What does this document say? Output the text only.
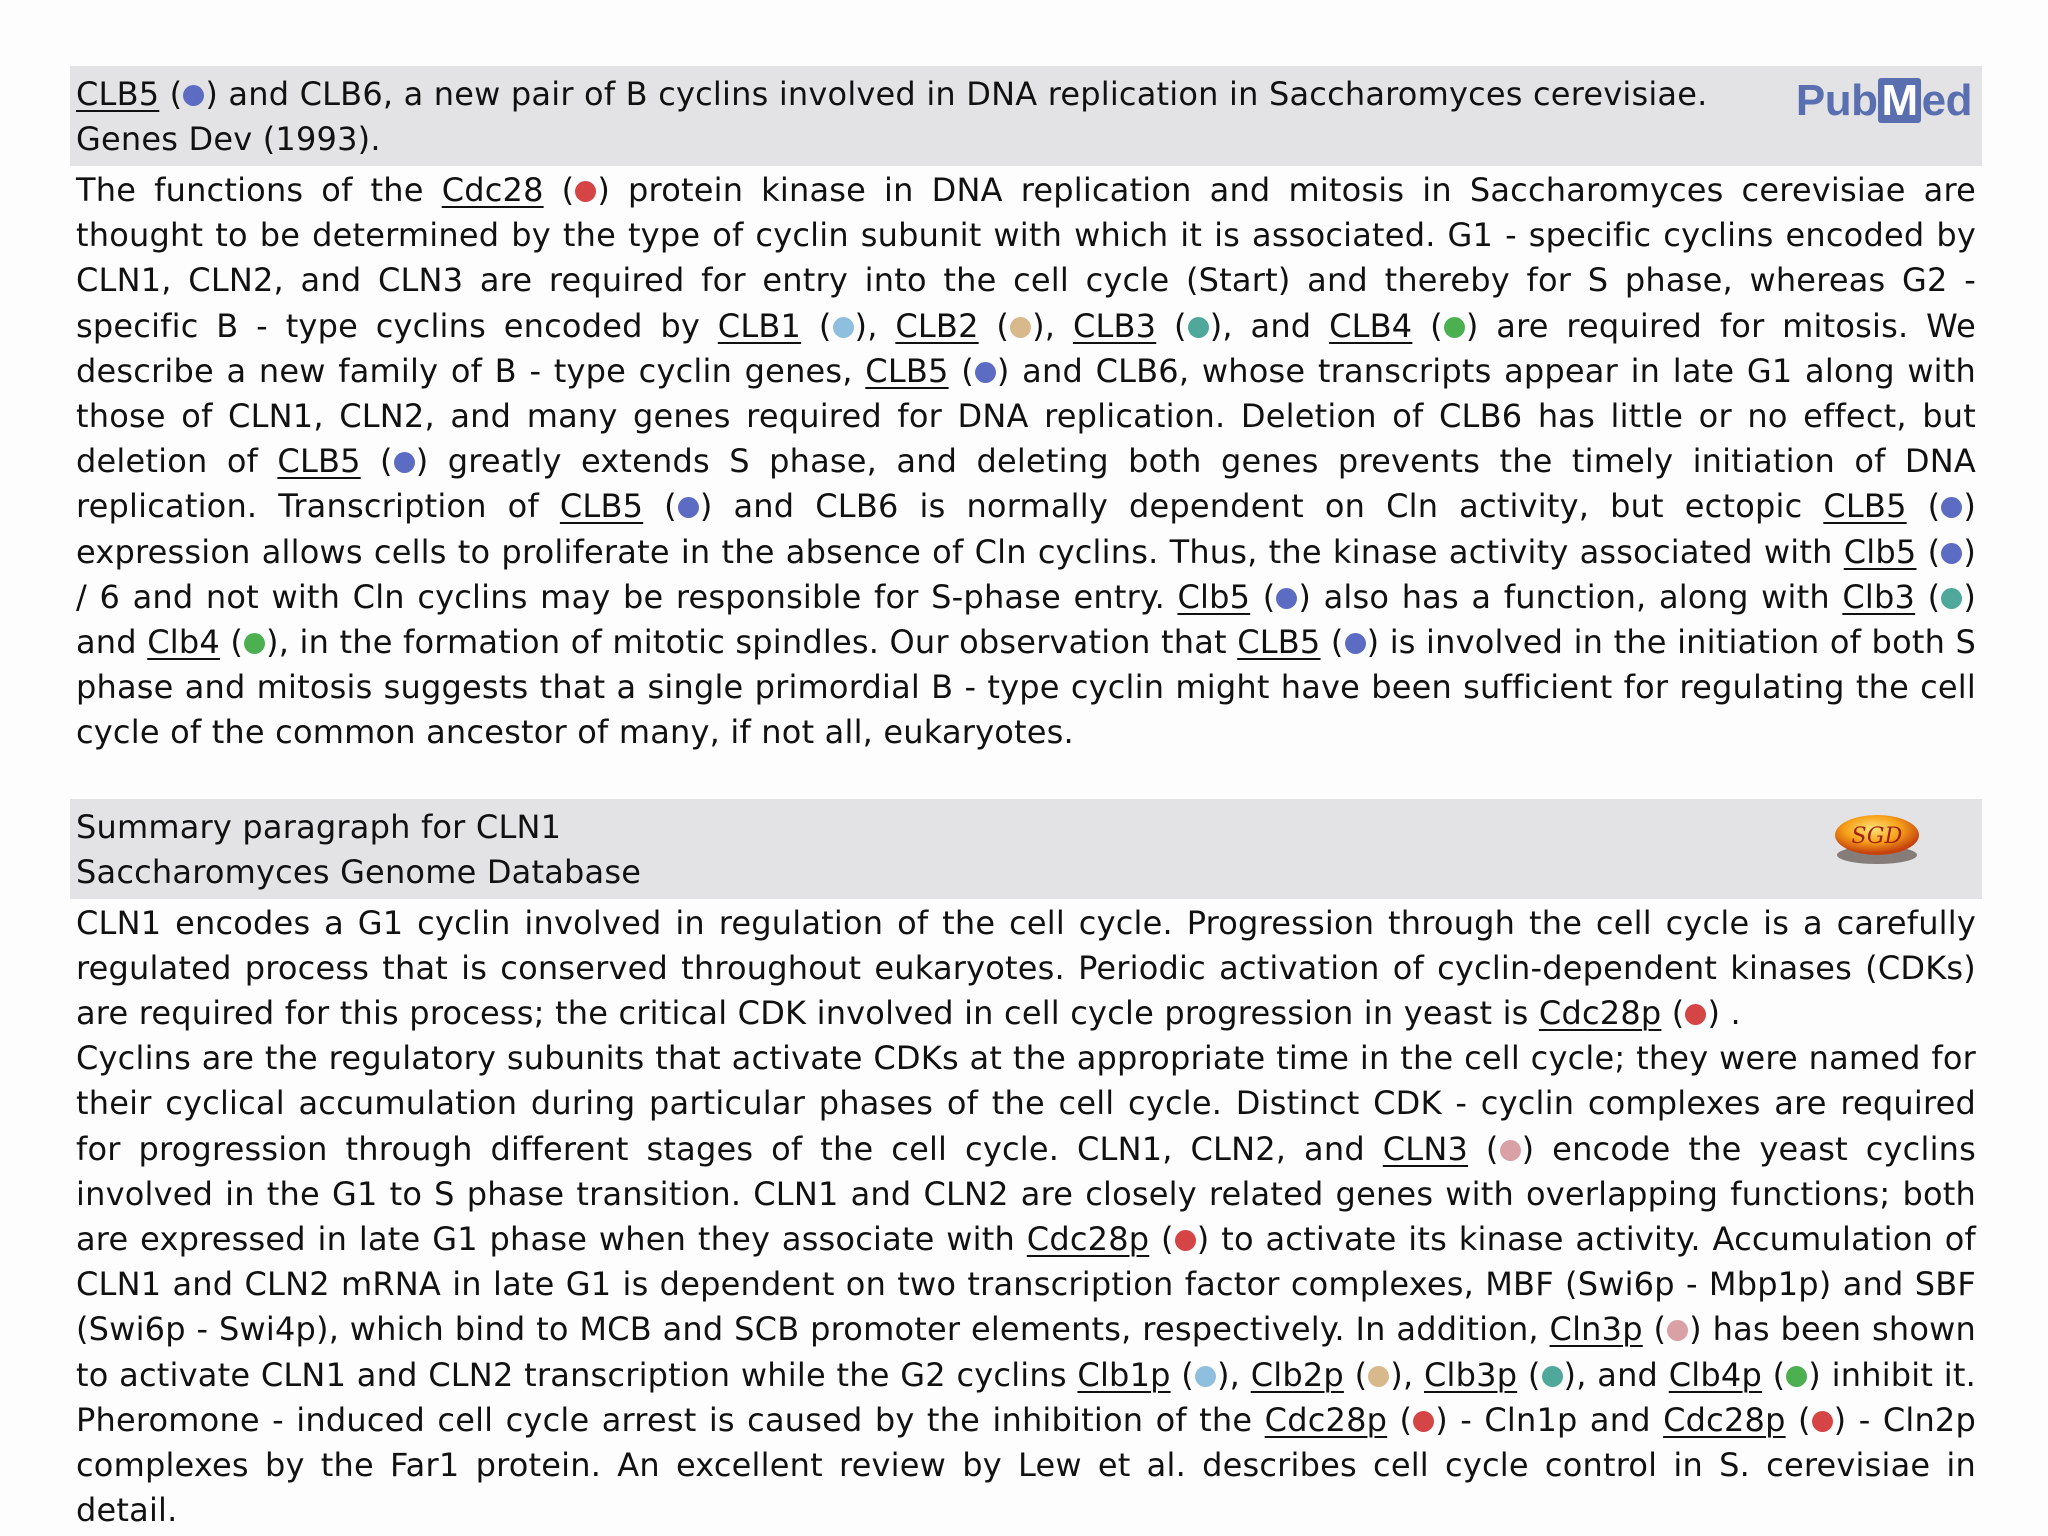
CLB5 ( ) and CLB6, a new pair of B cyclins involved in DNA replication in Saccharomyces cerevisiae.
Genes Dev (1993).
PubMed

The functions of the Cdc28 ( ) protein kinase in DNA replication and mitosis in Saccharomyces cerevisiae are thought to be determined by the type of cyclin subunit with which it is associated. G1 - specific cyclins encoded by CLN1, CLN2, and CLN3 are required for entry into the cell cycle (Start) and thereby for S phase, whereas G2 - specific B - type cyclins encoded by CLB1 ( ), CLB2 ( ), CLB3 ( ), and CLB4 ( ) are required for mitosis. We describe a new family of B - type cyclin genes, CLB5 ( ) and CLB6, whose transcripts appear in late G1 along with those of CLN1, CLN2, and many genes required for DNA replication. Deletion of CLB6 has little or no effect, but deletion of CLB5 ( ) greatly extends S phase, and deleting both genes prevents the timely initiation of DNA replication. Transcription of CLB5 ( ) and CLB6 is normally dependent on Cln activity, but ectopic CLB5 ( ) expression allows cells to proliferate in the absence of Cln cyclins. Thus, the kinase activity associated with Clb5 ( ) / 6 and not with Cln cyclins may be responsible for S-phase entry. Clb5 ( ) also has a function, along with Clb3 ( ) and Clb4 ( ), in the formation of mitotic spindles. Our observation that CLB5 ( ) is involved in the initiation of both S phase and mitosis suggests that a single primordial B - type cyclin might have been sufficient for regulating the cell cycle of the common ancestor of many, if not all, eukaryotes.

Summary paragraph for CLN1
Saccharomyces Genome Database
SGD

CLN1 encodes a G1 cyclin involved in regulation of the cell cycle. Progression through the cell cycle is a carefully regulated process that is conserved throughout eukaryotes. Periodic activation of cyclin-dependent kinases (CDKs) are required for this process; the critical CDK involved in cell cycle progression in yeast is Cdc28p ( ) .

Cyclins are the regulatory subunits that activate CDKs at the appropriate time in the cell cycle; they were named for their cyclical accumulation during particular phases of the cell cycle. Distinct CDK - cyclin complexes are required for progression through different stages of the cell cycle. CLN1, CLN2, and CLN3 ( ) encode the yeast cyclins involved in the G1 to S phase transition. CLN1 and CLN2 are closely related genes with overlapping functions; both are expressed in late G1 phase when they associate with Cdc28p ( ) to activate its kinase activity. Accumulation of CLN1 and CLN2 mRNA in late G1 is dependent on two transcription factor complexes, MBF (Swi6p - Mbp1p) and SBF (Swi6p - Swi4p), which bind to MCB and SCB promoter elements, respectively. In addition, Cln3p ( ) has been shown to activate CLN1 and CLN2 transcription while the G2 cyclins Clb1p ( ), Clb2p ( ), Clb3p ( ), and Clb4p ( ) inhibit it. Pheromone - induced cell cycle arrest is caused by the inhibition of the Cdc28p ( ) - Cln1p and Cdc28p ( ) - Cln2p complexes by the Far1 protein. An excellent review by Lew et al. describes cell cycle control in S. cerevisiae in detail.
